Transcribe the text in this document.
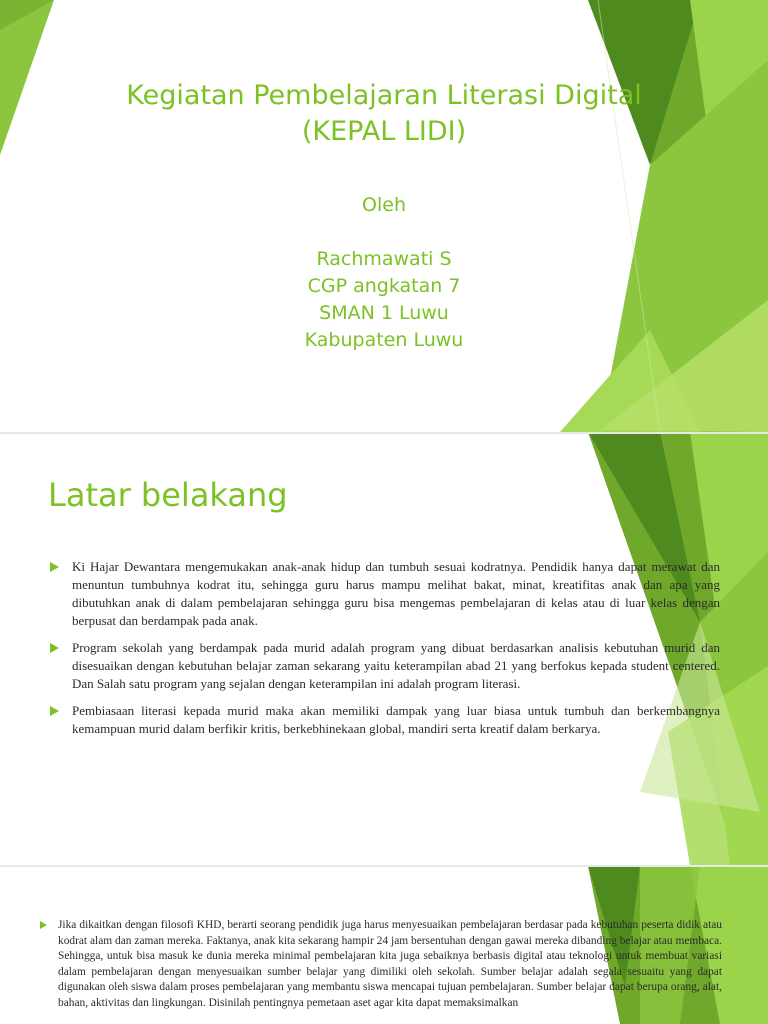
Kegiatan Pembelajaran Literasi Digital
(KEPAL LIDI)
Oleh
Rachmawati S
CGP angkatan 7
SMAN 1 Luwu
Kabupaten Luwu
Latar belakang
Ki Hajar Dewantara mengemukakan anak-anak hidup dan tumbuh sesuai kodratnya. Pendidik hanya dapat merawat dan menuntun tumbuhnya kodrat itu, sehingga guru harus mampu melihat bakat, minat, kreatifitas anak dan apa yang dibutuhkan anak di dalam pembelajaran sehingga guru bisa mengemas pembelajaran di kelas atau di luar kelas dengan berpusat dan berdampak pada anak.
Program sekolah yang berdampak pada murid adalah program yang dibuat berdasarkan analisis kebutuhan murid dan disesuaikan dengan kebutuhan belajar zaman sekarang yaitu keterampilan abad 21 yang berfokus kepada student centered. Dan Salah satu program yang sejalan dengan keterampilan ini adalah program literasi.
Pembiasaan literasi kepada murid maka akan memiliki dampak yang luar biasa untuk tumbuh dan berkembangnya kemampuan murid dalam berfikir kritis, berkebhinekaan global, mandiri serta kreatif dalam berkarya.
Jika dikaitkan dengan filosofi KHD, berarti seorang pendidik juga harus menyesuaikan pembelajaran berdasar pada kebutuhan peserta didik atau kodrat alam dan zaman mereka. Faktanya, anak kita sekarang hampir 24 jam bersentuhan dengan gawai mereka dibanding belajar atau membaca. Sehingga, untuk bisa masuk ke dunia mereka minimal pembelajaran kita juga sebaiknya berbasis digital atau teknologi untuk membuat variasi dalam pembelajaran dengan menyesuaikan sumber belajar yang dimiliki oleh sekolah. Sumber belajar adalah segala sesuaitu yang dapat digunakan oleh siswa dalam proses pembelajaran yang membantu siswa mencapai tujuan pembelajaran. Sumber belajar dapat berupa orang, alat, bahan, aktivitas dan lingkungan. Disinilah pentingnya pemetaan aset agar kita dapat memaksimalkan
